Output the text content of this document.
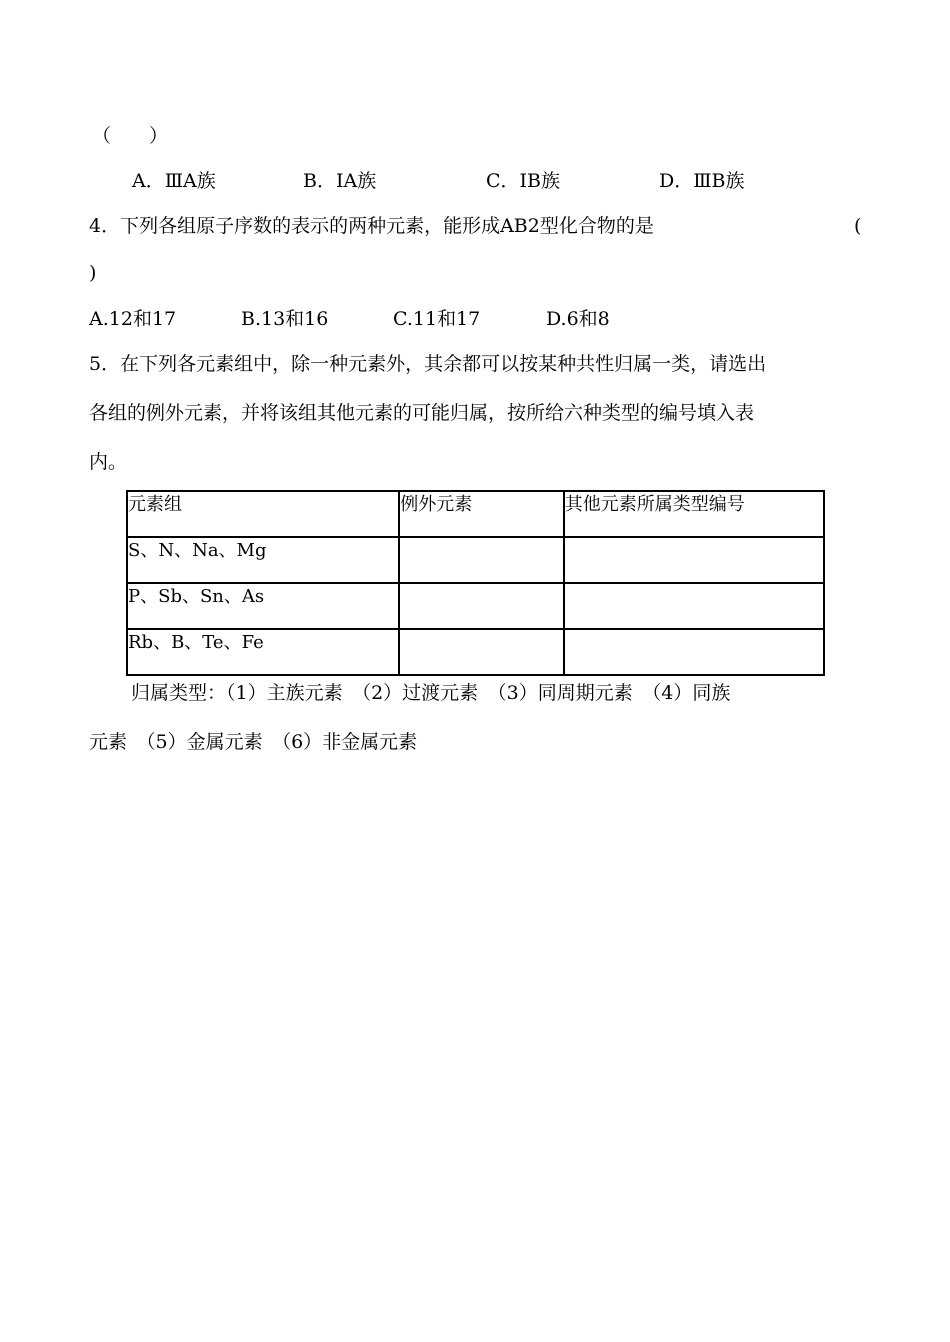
（　　）
A．ⅢA族	B．ⅠA族	C．ⅠB族	D．ⅢB族
4．下列各组原子序数的表示的两种元素，能形成AB2型化合物的是	(
)
A.12和17	B.13和16	C.11和17	D.6和8
5．在下列各元素组中，除一种元素外，其余都可以按某种共性归属一类，请选出
各组的例外元素，并将该组其他元素的可能归属，按所给六种类型的编号填入表
内。
元素组	例外元素	其他元素所属类型编号
S、N、Na、Mg		
P、Sb、Sn、As		
Rb、B、Te、Fe		
归属类型：（1）主族元素　（2）过渡元素　（3）同周期元素　（4）同族
元素　（5）金属元素　（6）非金属元素
